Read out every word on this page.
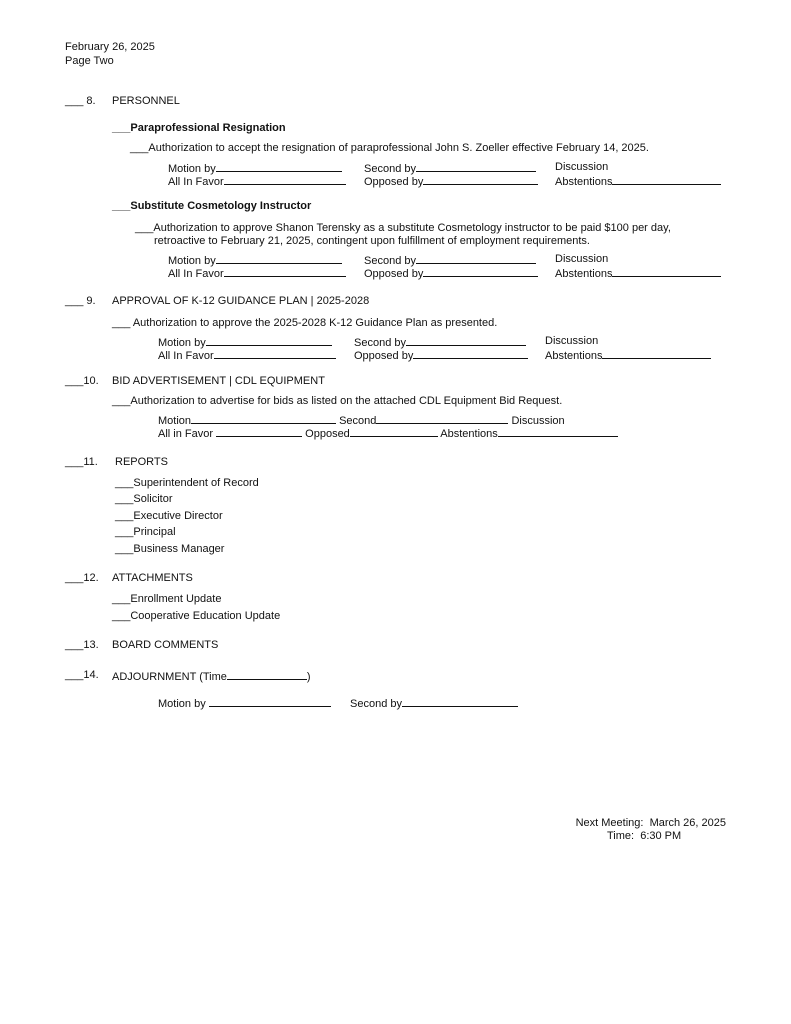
February 26, 2025
Page Two
___ 8. PERSONNEL
___Paraprofessional Resignation
___Authorization to accept the resignation of paraprofessional John S. Zoeller effective February 14, 2025.
Motion by	Second by	Discussion
All In Favor	Opposed by	Abstentions
___Substitute Cosmetology Instructor
___Authorization to approve Shanon Terensky as a substitute Cosmetology instructor to be paid $100 per day,
retroactive to February 21, 2025, contingent upon fulfillment of employment requirements.
Motion by	Second by	Discussion
All In Favor	Opposed by	Abstentions
___ 9. APPROVAL OF K-12 GUIDANCE PLAN | 2025-2028
___ Authorization to approve the 2025-2028 K-12 Guidance Plan as presented.
Motion by	Second by	Discussion
All In Favor	Opposed by	Abstentions
___10. BID ADVERTISEMENT | CDL EQUIPMENT
___Authorization to advertise for bids as listed on the attached CDL Equipment Bid Request.
Motion	Second	Discussion
All in Favor	Opposed	Abstentions
___11. REPORTS
___Superintendent of Record
___Solicitor
___Executive Director
___Principal
___Business Manager
___12. ATTACHMENTS
___Enrollment Update
___Cooperative Education Update
___13. BOARD COMMENTS
___14. ADJOURNMENT (Time	)
Motion by	Second by
Next Meeting: March 26, 2025
Time: 6:30 PM
